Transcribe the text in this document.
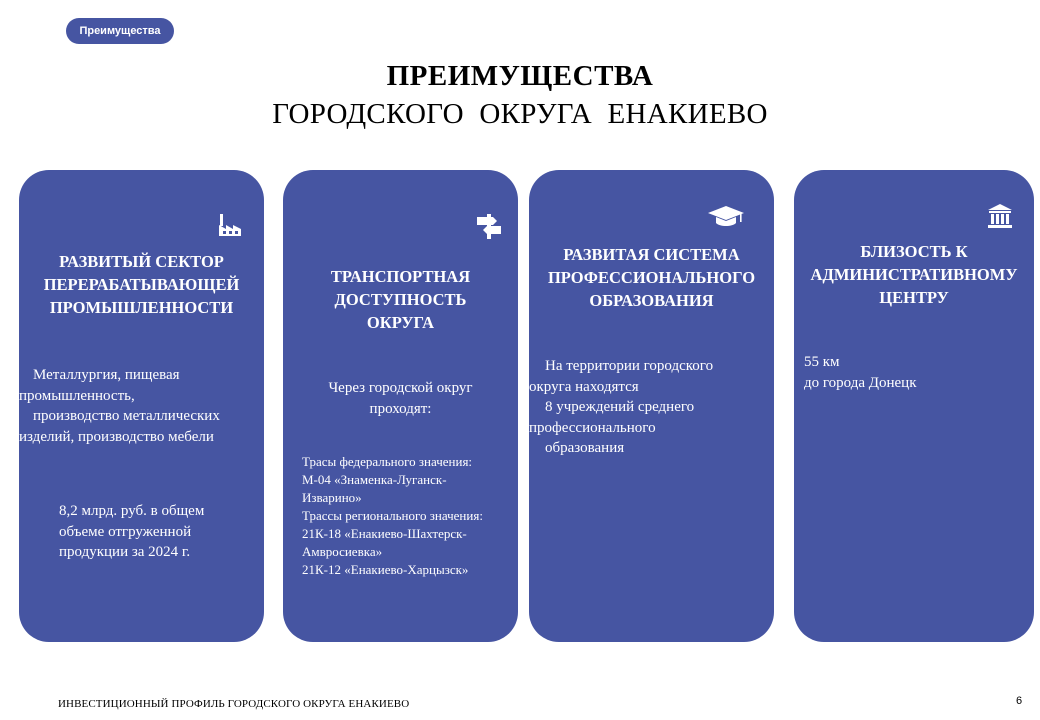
Преимущества
ПРЕИМУЩЕСТВА
ГОРОДСКОГО ОКРУГА ЕНАКИЕВО
РАЗВИТЫЙ СЕКТОР
ПЕРЕРАБАТЫВАЮЩЕЙ
ПРОМЫШЛЕННОСТИ
Металлургия, пищевая
промышленность,
производство металлических
изделий, производство мебели
8,2 млрд. руб. в общем
объеме отгруженной
продукции за 2024 г.
ТРАНСПОРТНАЯ
ДОСТУПНОСТЬ
ОКРУГА
Через городской округ
проходят:
Трасы федерального значения:
М-04 «Знаменка-Луганск-
Изварино»
Трассы регионального значения:
21К-18 «Енакиево-Шахтерск-
Амвросиевка»
21К-12 «Енакиево-Харцызск»
РАЗВИТАЯ СИСТЕМА
ПРОФЕССИОНАЛЬНОГО
ОБРАЗОВАНИЯ
На территории городского
округа находятся
8 учреждений среднего
профессионального
образования
БЛИЗОСТЬ К
АДМИНИСТРАТИВНОМУ
ЦЕНТРУ
55 км
до города Донецк
ИНВЕСТИЦИОННЫЙ ПРОФИЛЬ ГОРОДСКОГО ОКРУГА ЕНАКИЕВО	6
